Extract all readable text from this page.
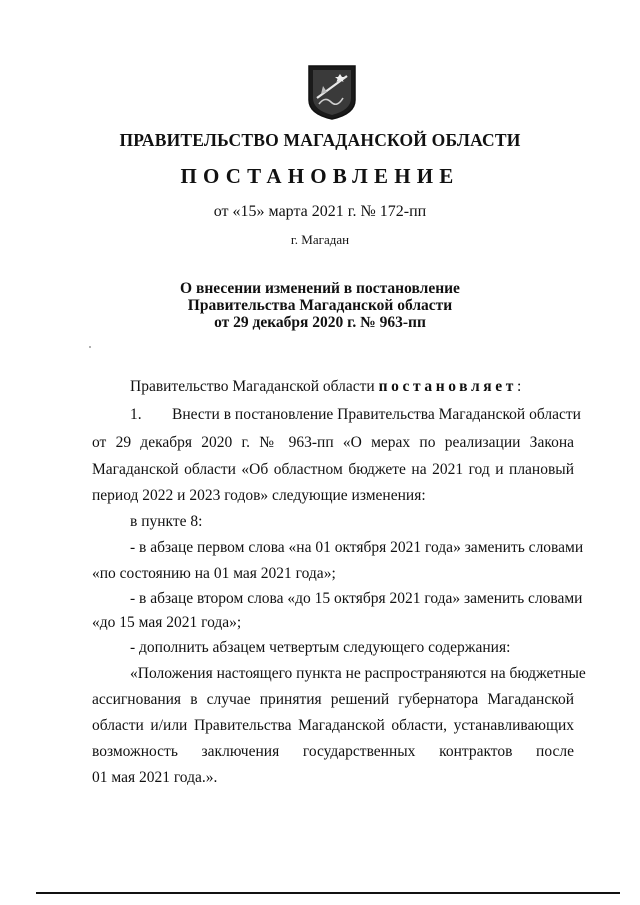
ПРАВИТЕЛЬСТВО МАГАДАНСКОЙ ОБЛАСТИ
ПОСТАНОВЛЕНИЕ
от «15» марта 2021 г. № 172-пп
г. Магадан
О внесении изменений в постановление
Правительства Магаданской области
от 29 декабря 2020 г. № 963-пп
Правительство Магаданской области постановляет:
1. Внести в постановление Правительства Магаданской области
от 29 декабря 2020 г. № 963-пп «О мерах по реализации Закона
Магаданской области «Об областном бюджете на 2021 год и плановый
период 2022 и 2023 годов» следующие изменения:
в пункте 8:
- в абзаце первом слова «на 01 октября 2021 года» заменить словами
«по состоянию на 01 мая 2021 года»;
- в абзаце втором слова «до 15 октября 2021 года» заменить словами
«до 15 мая 2021 года»;
- дополнить абзацем четвертым следующего содержания:
«Положения настоящего пункта не распространяются на бюджетные
ассигнования в случае принятия решений губернатора Магаданской
области и/или Правительства Магаданской области, устанавливающих
возможность заключения государственных контрактов после
01 мая 2021 года.».
